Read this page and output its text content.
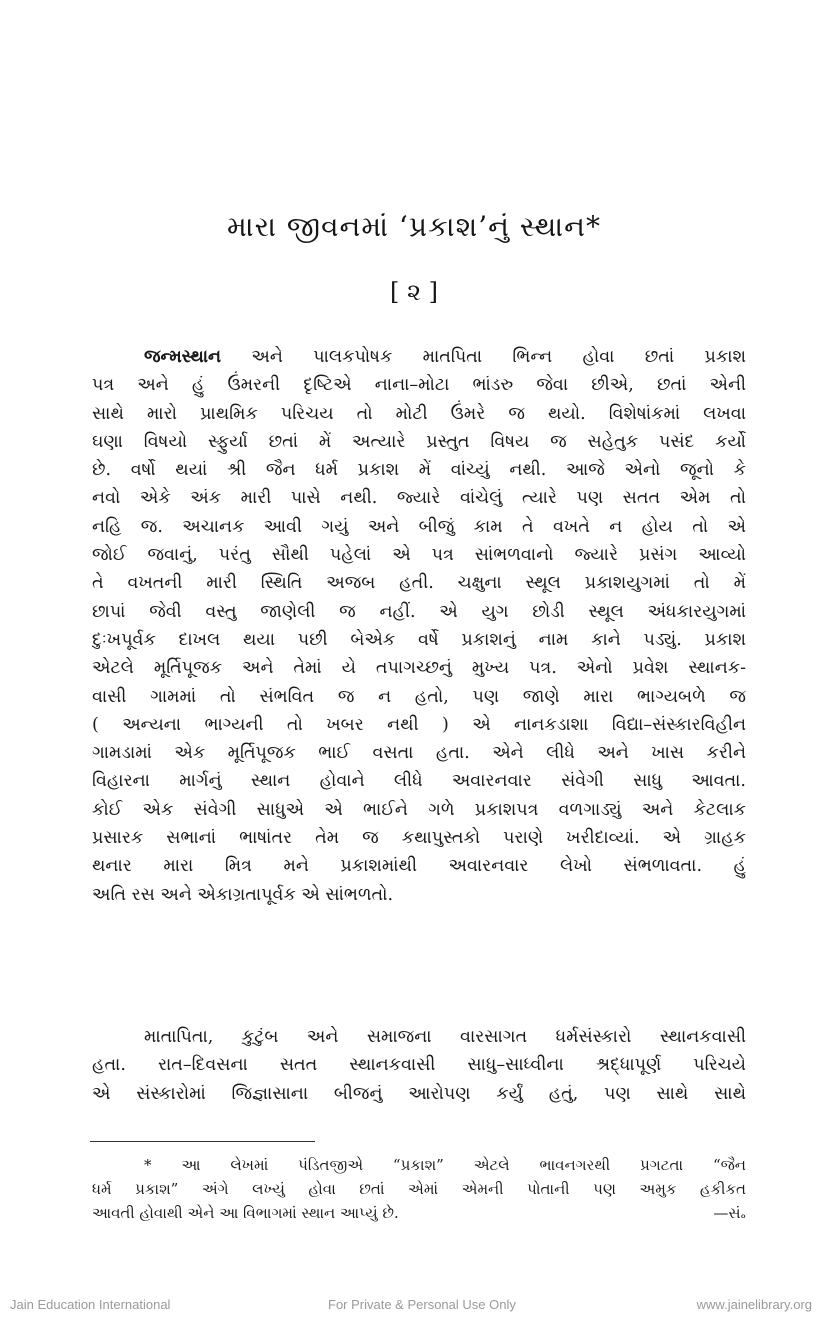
મારા જીવનમાં ‘પ્રકાશ’નું સ્થાન*
[ ૨ ]
જન્મસ્થાન અને પાલકપોષક માતપિતા ભિન્ન હોવા છતાં પ્રકાશ
પત્ર અને હું ઉંમરની દૃષ્ટિએ નાના–મોટા ભાંડરુ જેવા છીએ, છતાં એની
સાથે મારો પ્રાથમિક પરિચય તો મોટી ઉંમરે જ થયો. વિશેષાંકમાં લખવા
ઘણા વિષયો સ્ફુર્યા છતાં મેં અત્યારે પ્રસ્તુત વિષય જ સહેતુક પસંદ કર્યો
છે. વર્ષો થયાં શ્રી જૈન ધર્મ પ્રકાશ મેં વાંચ્યું નથી. આજે એનો જૂનો કે
નવો એકે અંક મારી પાસે નથી. જ્યારે વાંચેલું ત્યારે પણ સતત એમ તો
નહિ જ. અચાનક આવી ગયું અને બીજું કામ તે વખતે ન હોય તો એ
જોઈ જવાનું, પરંતુ સૌથી પહેલાં એ પત્ર સાંભળવાનો જ્યારે પ્રસંગ આવ્યો
તે વખતની મારી સ્થિતિ અજબ હતી. ચક્ષુના સ્થૂલ પ્રકાશયુગમાં તો મેં
છાપાં જેવી વસ્તુ જાણેલી જ નહીં. એ યુગ છોડી સ્થૂલ અંધકારયુગમાં
દુઃખપૂર્વક દાખલ થયા પછી બેએક વર્ષે પ્રકાશનું નામ કાને પડ્યું. પ્રકાશ
એટલે મૂર્તિપૂજક અને તેમાં યે તપાગચ્છનું મુખ્ય પત્ર. એનો પ્રવેશ સ્થાનક-
વાસી ગામમાં તો સંભવિત જ ન હતો, પણ જાણે મારા ભાગ્યબળે જ
( અન્યના ભાગ્યની તો ખબર નથી ) એ નાનકડાશા વિદ્યા–સંસ્કારવિહીન
ગામડામાં એક મૂર્તિપૂજક ભાઈ વસતા હતા. એને લીધે અને ખાસ કરીને
વિહારના માર્ગનું સ્થાન હોવાને લીધે અવારનવાર સંવેગી સાધુ આવતા.
કોઈ એક સંવેગી સાધુએ એ ભાઈને ગળે પ્રકાશપત્ર વળગાડ્યું અને કેટલાક
પ્રસારક સભાનાં ભાષાંતર તેમ જ કથાપુસ્તકો પરાણે ખરીદાવ્યાં. એ ગ્રાહક
થનાર મારા મિત્ર મને પ્રકાશમાંથી અવારનવાર લેખો સંભળાવતા. હું
અતિ રસ અને એકાગ્રતાપૂર્વક એ સાંભળતો.
માતાપિતા, કુટુંબ અને સમાજના વારસાગત ધર્મસંસ્કારો સ્થાનકવાસી
હતા. રાત–દિવસના સતત સ્થાનકવાસી સાધુ–સાધ્વીના શ્રદ્ધાપૂર્ણ પરિચયે
એ સંસ્કારોમાં જિજ્ઞાસાના બીજનું આરોપણ કર્યું હતું, પણ સાથે સાથે
* આ લેખમાં પંડિતજીએ “પ્રકાશ” એટલે ભાવનગરથી પ્રગટતા “જૈન
ધર્મ પ્રકાશ” અંગે લખ્યું હોવા છતાં એમાં એમની પોતાની પણ અમુક હકીકત
આવતી હોવાથી એને આ વિભાગમાં સ્થાન આપ્યું છે.	—સં૰
Jain Education International	For Private & Personal Use Only	www.jainelibrary.org
